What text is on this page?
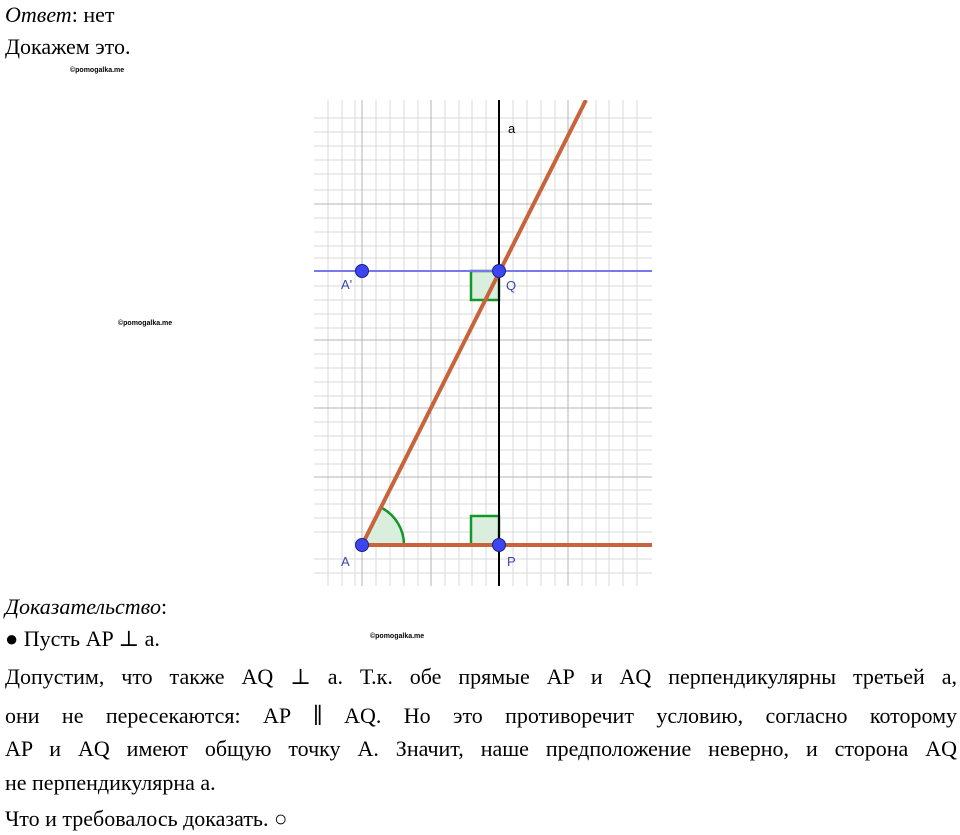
Ответ: нет
Докажем это.
©pomogalka.me
©pomogalka.me
©pomogalka.me
a
A'	Q
A	P
Доказательство:
● Пусть AP ⊥ a.
Допустим, что также AQ ⊥ a. Т.к. обе прямые AP и AQ перпендикулярны третьей a,
они не пересекаются: AP ∥ AQ. Но это противоречит условию, согласно которому
AP и AQ имеют общую точку A. Значит, наше предположение неверно, и сторона AQ
не перпендикулярна a.
Что и требовалось доказать. ○
